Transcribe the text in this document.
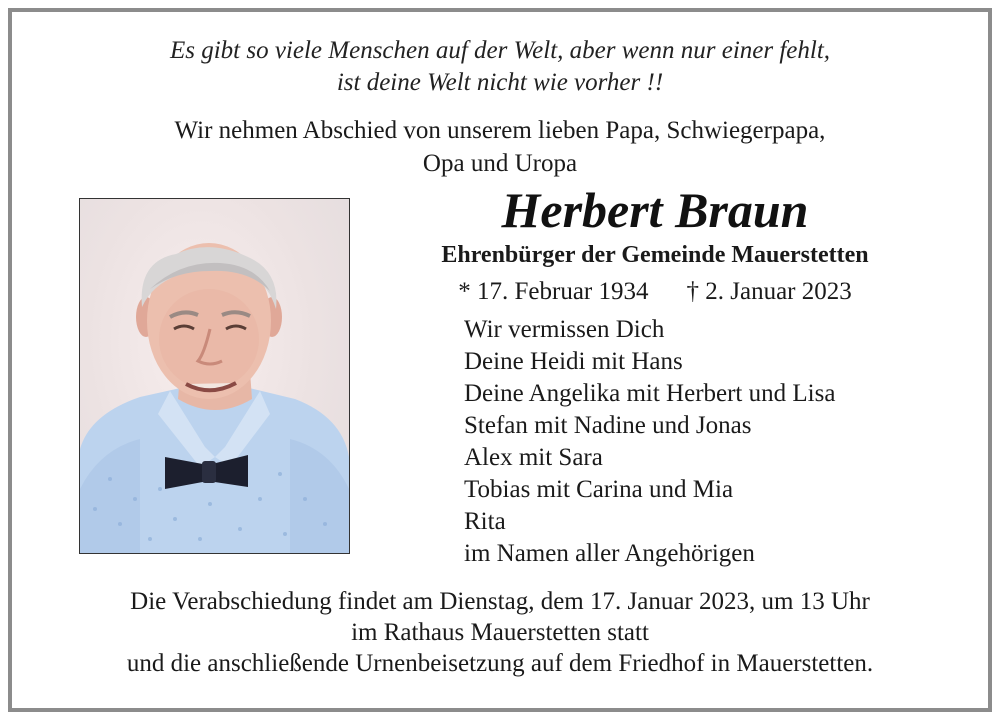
Es gibt so viele Menschen auf der Welt, aber wenn nur einer fehlt,
ist deine Welt nicht wie vorher !!
Wir nehmen Abschied von unserem lieben Papa, Schwiegerpapa,
Opa und Uropa
Herbert Braun
Ehrenbürger der Gemeinde Mauerstetten
* 17. Februar 1934 † 2. Januar 2023
Wir vermissen Dich
Deine Heidi mit Hans
Deine Angelika mit Herbert und Lisa
Stefan mit Nadine und Jonas
Alex mit Sara
Tobias mit Carina und Mia
Rita
im Namen aller Angehörigen
Die Verabschiedung findet am Dienstag, dem 17. Januar 2023, um 13 Uhr
im Rathaus Mauerstetten statt
und die anschließende Urnenbeisetzung auf dem Friedhof in Mauerstetten.
